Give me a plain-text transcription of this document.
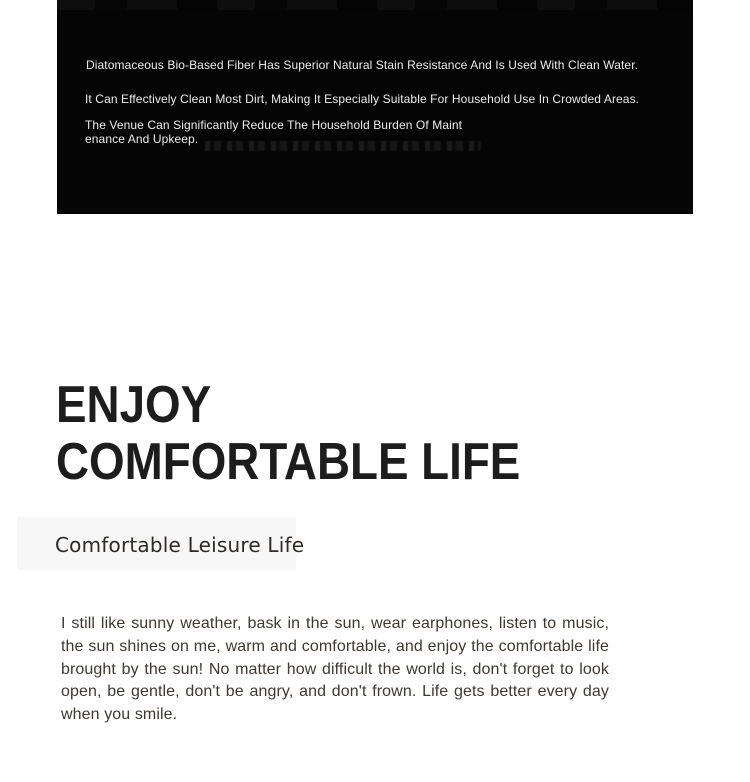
Diatomaceous Bio-Based Fiber Has Superior Natural Stain Resistance And Is Used With Clean Water.

It Can Effectively Clean Most Dirt, Making It Especially Suitable For Household Use In Crowded Areas.

The Venue Can Significantly Reduce The Household Burden Of Maint
enance And Upkeep.

ENJOY
COMFORTABLE LIFE
Comfortable Leisure Life

I still like sunny weather, bask in the sun, wear earphones, listen to music, the sun shines on me, warm and comfortable, and enjoy the comfortable life brought by the sun! No matter how difficult the world is, don't forget to look open, be gentle, don't be angry, and don't frown. Life gets better every day when you smile.
